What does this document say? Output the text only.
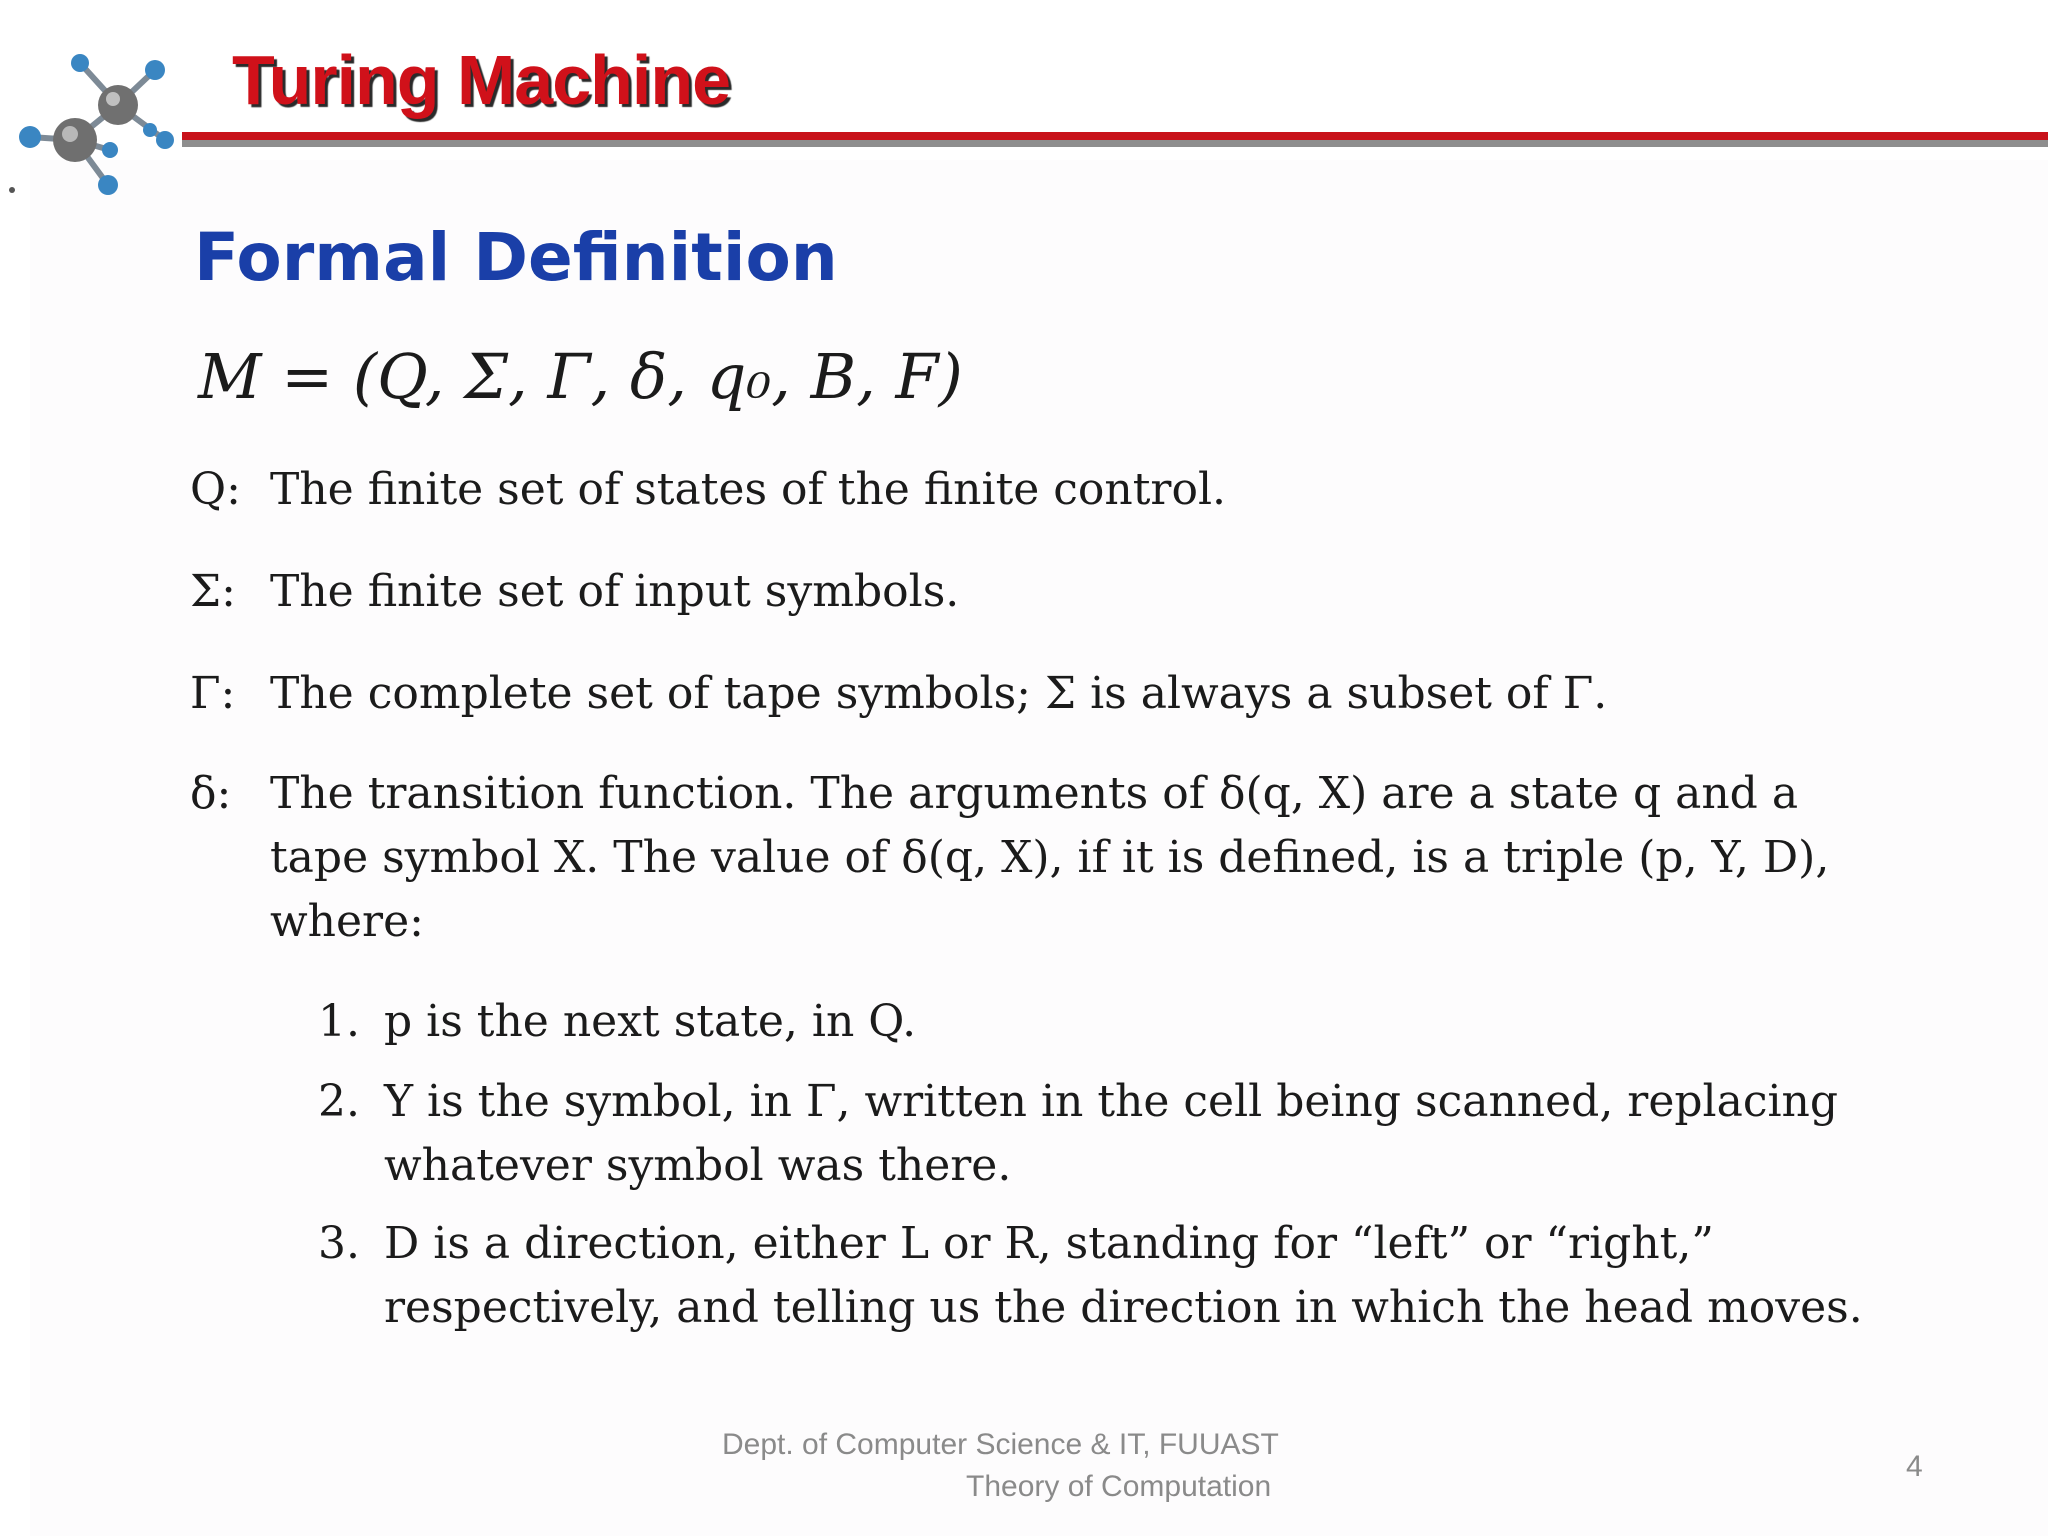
Turing Machine
Formal Definition
M = (Q, Σ, Γ, δ, q₀, B, F)
Q: The finite set of states of the finite control.
Σ: The finite set of input symbols.
Γ: The complete set of tape symbols; Σ is always a subset of Γ.
δ: The transition function. The arguments of δ(q, X) are a state q and a tape symbol X. The value of δ(q, X), if it is defined, is a triple (p, Y, D), where:
1. p is the next state, in Q.
2. Y is the symbol, in Γ, written in the cell being scanned, replacing whatever symbol was there.
3. D is a direction, either L or R, standing for “left” or “right,” respectively, and telling us the direction in which the head moves.
Dept. of Computer Science & IT, FUUAST
Theory of Computation
4
